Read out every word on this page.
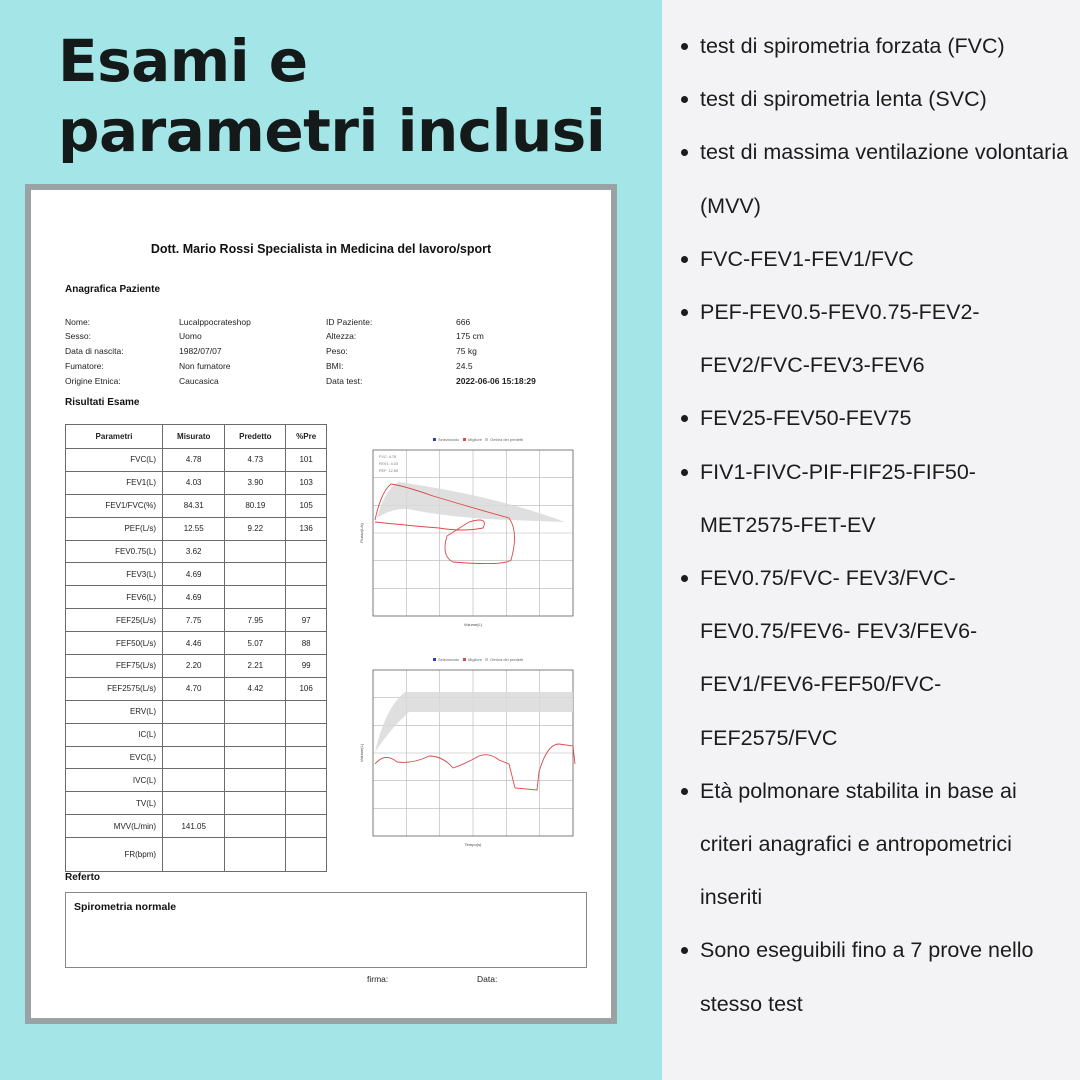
Esami e parametri inclusi
Dott. Mario Rossi Specialista in Medicina del lavoro/sport
Anagrafica Paziente
Nome:	Lucalppocrateshop
Sesso:	Uomo
Data di nascita:	1982/07/07
Fumatore:	Non fumatore
Origine Etnica:	Caucasica
ID Paziente:	666
Altezza:	175 cm
Peso:	75 kg
BMI:	24.5
Data test:	2022-06-06 15:18:29
Risultati Esame
Parametri	Misurato	Predetto	%Pre
FVC(L)	4.78	4.73	101
FEV1(L)	4.03	3.90	103
FEV1/FVC(%)	84.31	80.19	105
PEF(L/s)	12.55	9.22	136
FEV0.75(L)	3.62		
FEV3(L)	4.69		
FEV6(L)	4.69		
FEF25(L/s)	7.75	7.95	97
FEF50(L/s)	4.46	5.07	88
FEF75(L/s)	2.20	2.21	99
FEF2575(L/s)	4.70	4.42	106
ERV(L)			
IC(L)			
EVC(L)			
IVC(L)			
TV(L)			
MVV(L/min)	141.05		
FR(bpm)			
Selezionato Migliore Ombra dei predetti
Volume(L)
Flusso(L/s)
FVC: 4.78
FEV1: 4.03
PEF: 12.55
Selezionato Migliore Ombra dei predetti
Tempo(s)
Volume(L)
Referto
Spirometria normale
firma:	Data:
test di spirometria forzata (FVC)
test di spirometria lenta (SVC)
test di massima ventilazione volontaria (MVV)
FVC-FEV1-FEV1/FVC
PEF-FEV0.5-FEV0.75-FEV2-FEV2/FVC-FEV3-FEV6
FEV25-FEV50-FEV75
FIV1-FIVC-PIF-FIF25-FIF50-MET2575-FET-EV
FEV0.75/FVC- FEV3/FVC- FEV0.75/FEV6- FEV3/FEV6- FEV1/FEV6-FEF50/FVC- FEF2575/FVC
Età polmonare stabilita in base ai criteri anagrafici e antropometrici inseriti
Sono eseguibili fino a 7 prove nello stesso test
